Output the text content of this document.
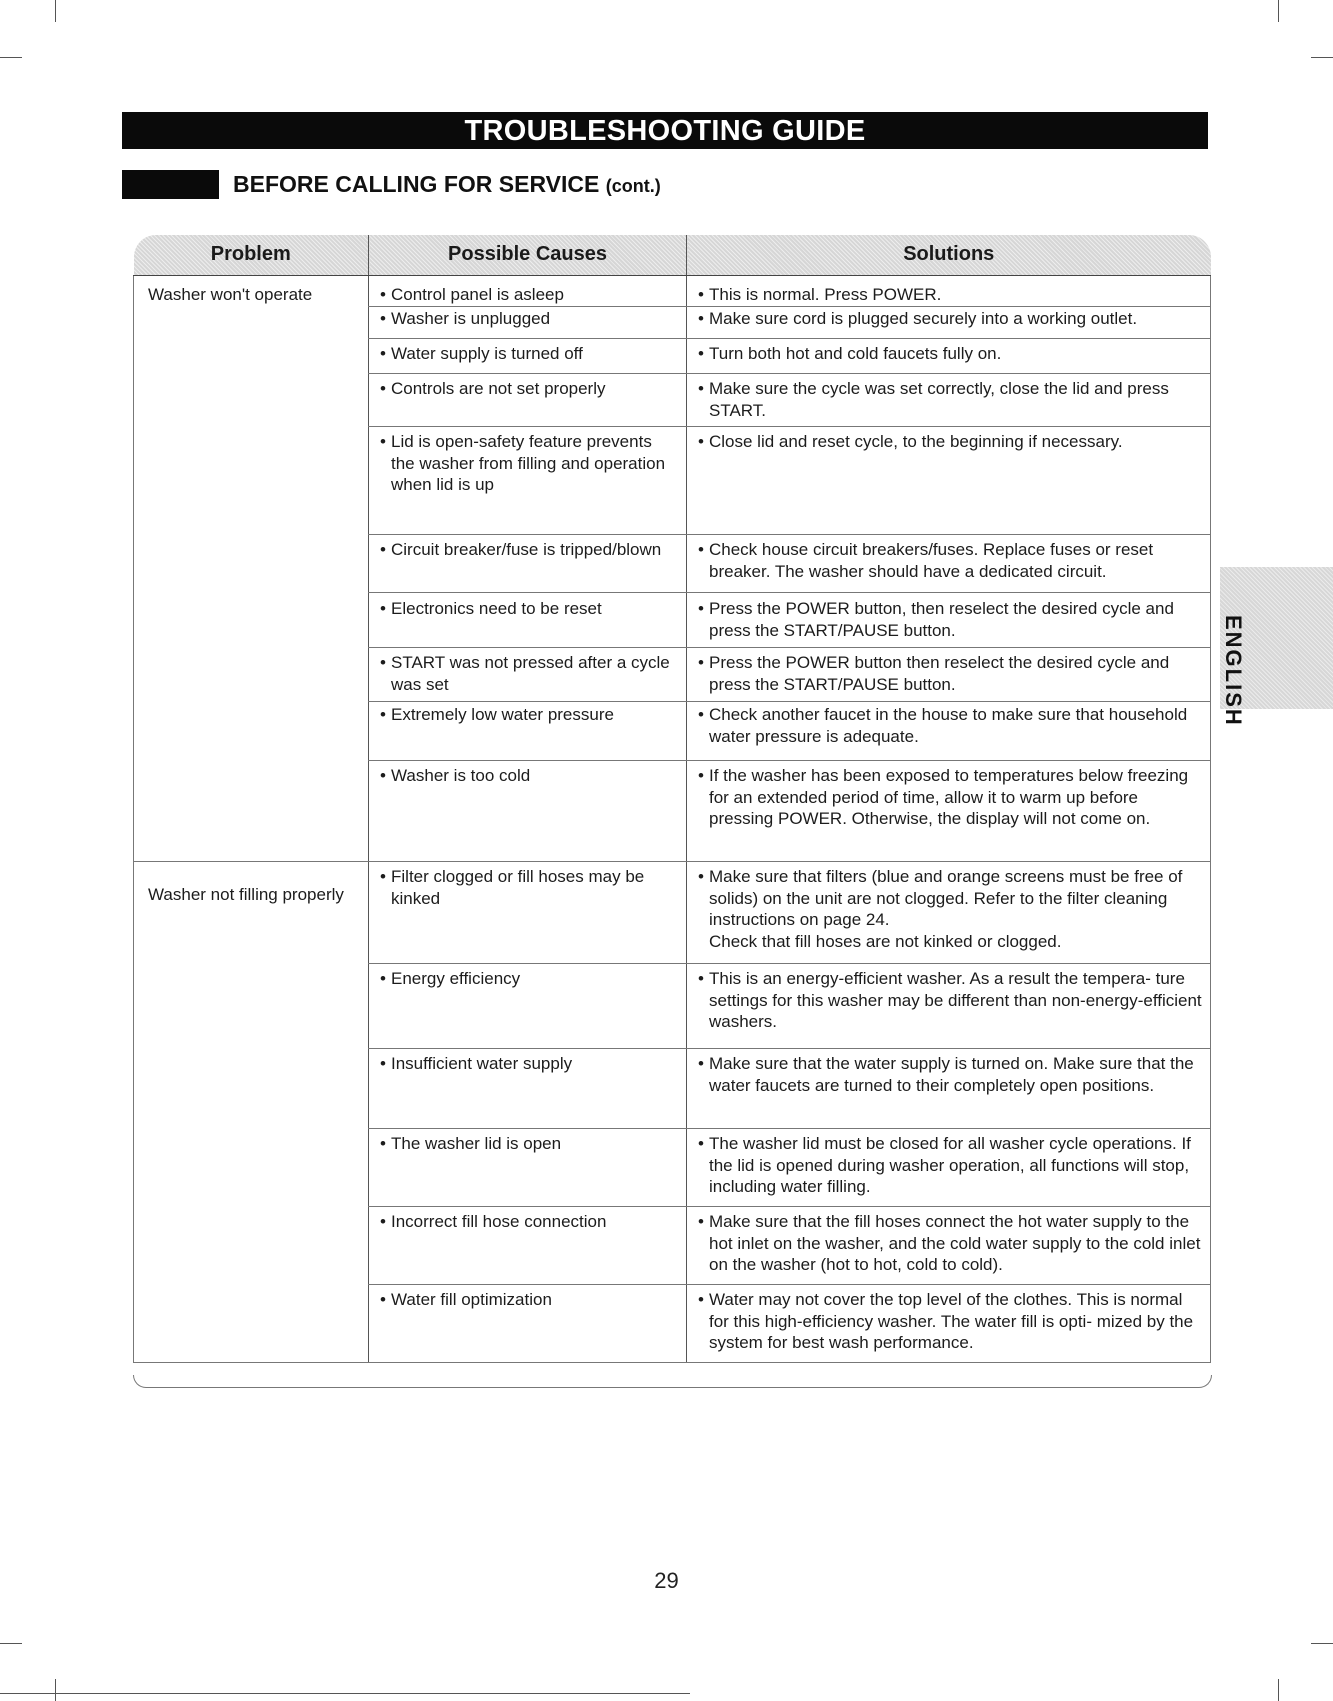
TROUBLESHOOTING GUIDE
BEFORE CALLING FOR SERVICE (cont.)
Problem	Possible Causes	Solutions
Washer won't operate	• Control panel is asleep	• This is normal. Press POWER.

	• Washer is unplugged	• Make sure cord is plugged securely into a working outlet.

	• Water supply is turned off	• Turn both hot and cold faucets fully on.

	• Controls are not set properly	• Make sure the cycle was set correctly, close the lid and press START.

	• Lid is open-safety feature prevents the washer from filling and operation when lid is up	• Close lid and reset cycle, to the beginning if necessary.

	• Circuit breaker/fuse is tripped/blown	• Check house circuit breakers/fuses. Replace fuses or reset breaker. The washer should have a dedicated circuit.

	• Electronics need to be reset	• Press the POWER button, then reselect the desired cycle and press the START/PAUSE button.

	• START was not pressed after a cycle was set	• Press the POWER button then reselect the desired cycle and press the START/PAUSE button.

	• Extremely low water pressure	• Check another faucet in the house to make sure that household water pressure is adequate.

	• Washer is too cold	• If the washer has been exposed to temperatures below freezing for an extended period of time, allow it to warm up before pressing POWER. Otherwise, the display will not come on.

Washer not filling properly	• Filter clogged or fill hoses may be kinked	• Make sure that filters (blue and orange screens must be free of solids) on the unit are not clogged. Refer to the filter cleaning instructions on page 24.
Check that fill hoses are not kinked or clogged.

	• Energy efficiency	• This is an energy-efficient washer. As a result the tempera- ture settings for this washer may be different than non-energy-efficient washers.

	• Insufficient water supply	• Make sure that the water supply is turned on. Make sure that the water faucets are turned to their completely open positions.

	• The washer lid is open	• The washer lid must be closed for all washer cycle operations. If the lid is opened during washer operation, all functions will stop, including water filling.

	• Incorrect fill hose connection	• Make sure that the fill hoses connect the hot water supply to the hot inlet on the washer, and the cold water supply to the cold inlet on the washer (hot to hot, cold to cold).

	• Water fill optimization	• Water may not cover the top level of the clothes. This is normal for this high-efficiency washer. The water fill is opti- mized by the system for best wash performance.
ENGLISH
29
